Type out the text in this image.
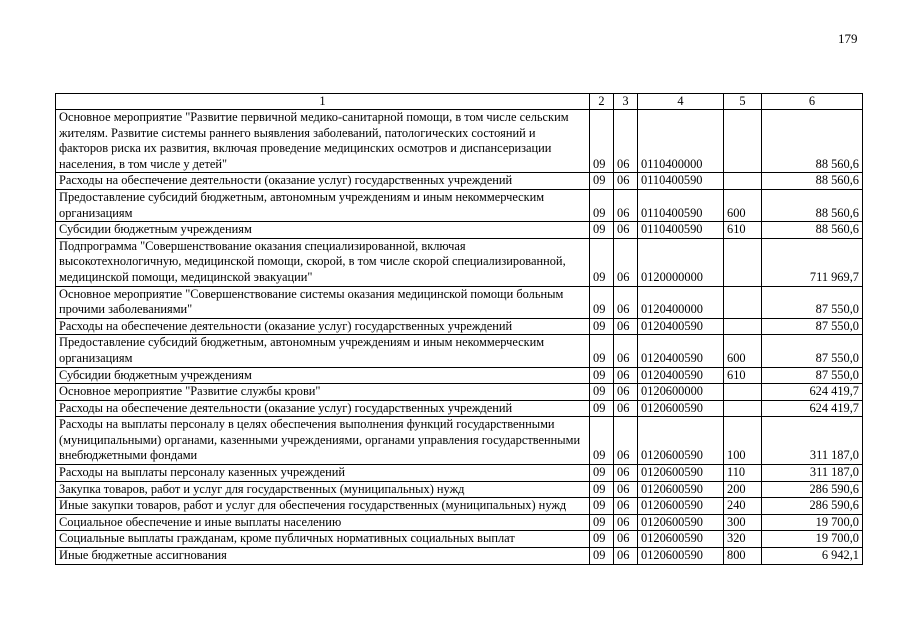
179
1	2	3	4	5	6
Основное мероприятие "Развитие первичной медико-санитарной помощи, в том числе сельским жителям. Развитие системы раннего выявления заболеваний, патологических состояний и факторов риска их развития, включая проведение медицинских осмотров и диспансеризации населения, в том числе у детей"	09	06	0110400000		88 560,6
Расходы на обеспечение деятельности (оказание услуг) государственных учреждений	09	06	0110400590		88 560,6
Предоставление субсидий бюджетным, автономным учреждениям и иным некоммерческим организациям	09	06	0110400590	600	88 560,6
Субсидии бюджетным учреждениям	09	06	0110400590	610	88 560,6
Подпрограмма "Совершенствование оказания специализированной, включая высокотехнологичную, медицинской помощи, скорой, в том числе скорой специализированной, медицинской помощи, медицинской эвакуации"	09	06	0120000000		711 969,7
Основное мероприятие "Совершенствование системы оказания медицинской помощи больным прочими заболеваниями"	09	06	0120400000		87 550,0
Расходы на обеспечение деятельности (оказание услуг) государственных учреждений	09	06	0120400590		87 550,0
Предоставление субсидий бюджетным, автономным учреждениям и иным некоммерческим организациям	09	06	0120400590	600	87 550,0
Субсидии бюджетным учреждениям	09	06	0120400590	610	87 550,0
Основное мероприятие "Развитие службы крови"	09	06	0120600000		624 419,7
Расходы на обеспечение деятельности (оказание услуг) государственных учреждений	09	06	0120600590		624 419,7
Расходы на выплаты персоналу в целях обеспечения выполнения функций государственными (муниципальными) органами, казенными учреждениями, органами управления государственными внебюджетными фондами	09	06	0120600590	100	311 187,0
Расходы на выплаты персоналу казенных учреждений	09	06	0120600590	110	311 187,0
Закупка товаров, работ и услуг для государственных (муниципальных) нужд	09	06	0120600590	200	286 590,6
Иные закупки товаров, работ и услуг для обеспечения государственных (муниципальных) нужд	09	06	0120600590	240	286 590,6
Социальное обеспечение и иные выплаты населению	09	06	0120600590	300	19 700,0
Социальные выплаты гражданам, кроме публичных нормативных социальных выплат	09	06	0120600590	320	19 700,0
Иные бюджетные ассигнования	09	06	0120600590	800	6 942,1
